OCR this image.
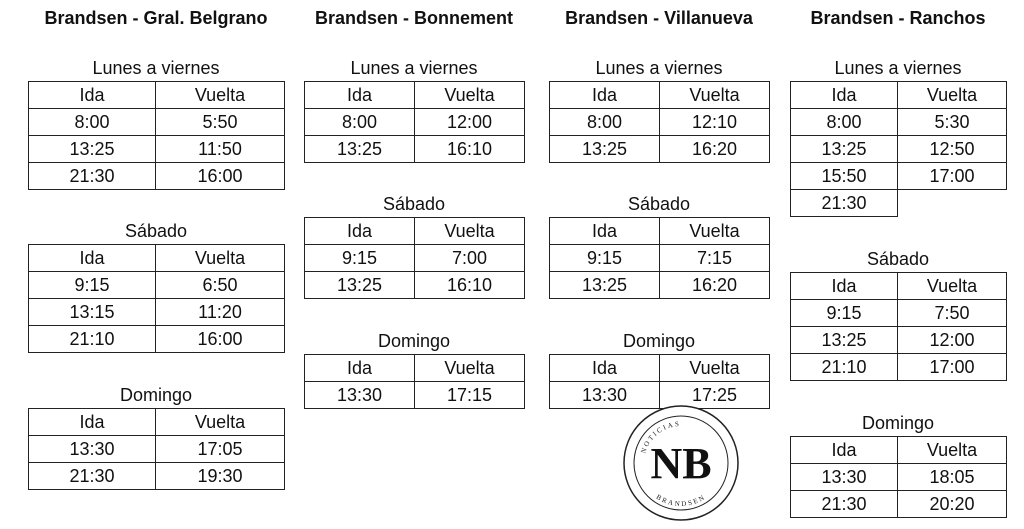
Brandsen - Gral. Belgrano
Lunes a viernes
Ida	Vuelta
8:00	5:50
13:25	11:50
21:30	16:00
Sábado
Ida	Vuelta
9:15	6:50
13:15	11:20
21:10	16:00
Domingo
Ida	Vuelta
13:30	17:05
21:30	19:30
Brandsen - Bonnement
Lunes a viernes
Ida	Vuelta
8:00	12:00
13:25	16:10
Sábado
Ida	Vuelta
9:15	7:00
13:25	16:10
Domingo
Ida	Vuelta
13:30	17:15
Brandsen - Villanueva
Lunes a viernes
Ida	Vuelta
8:00	12:10
13:25	16:20
Sábado
Ida	Vuelta
9:15	7:15
13:25	16:20
Domingo
Ida	Vuelta
13:30	17:25
Brandsen - Ranchos
Lunes a viernes
Ida	Vuelta
8:00	5:30
13:25	12:50
15:50	17:00
21:30	
Sábado
Ida	Vuelta
9:15	7:50
13:25	12:00
21:10	17:00
Domingo
Ida	Vuelta
13:30	18:05
21:30	20:20
NOTICIAS
BRANDSEN
NB
